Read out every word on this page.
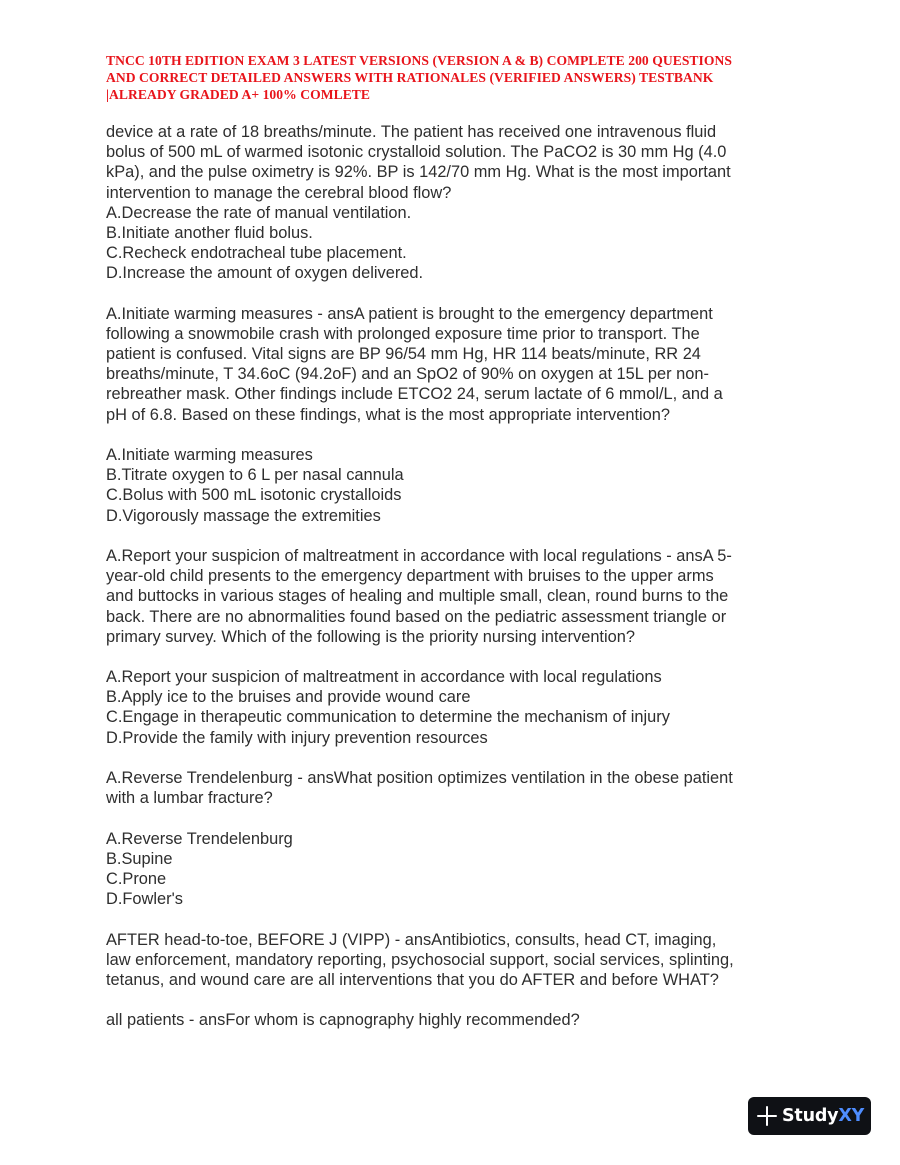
TNCC 10TH EDITION EXAM 3 LATEST VERSIONS (VERSION A & B) COMPLETE 200 QUESTIONS
AND CORRECT DETAILED ANSWERS WITH RATIONALES (VERIFIED ANSWERS) TESTBANK
|ALREADY GRADED A+ 100% COMLETE
device at a rate of 18 breaths/minute. The patient has received one intravenous fluid
bolus of 500 mL of warmed isotonic crystalloid solution. The PaCO2 is 30 mm Hg (4.0
kPa), and the pulse oximetry is 92%. BP is 142/70 mm Hg. What is the most important
intervention to manage the cerebral blood flow?
A.Decrease the rate of manual ventilation.
B.Initiate another fluid bolus.
C.Recheck endotracheal tube placement.
D.Increase the amount of oxygen delivered.
A.Initiate warming measures - ansA patient is brought to the emergency department
following a snowmobile crash with prolonged exposure time prior to transport. The
patient is confused. Vital signs are BP 96/54 mm Hg, HR 114 beats/minute, RR 24
breaths/minute, T 34.6oC (94.2oF) and an SpO2 of 90% on oxygen at 15L per non-
rebreather mask. Other findings include ETCO2 24, serum lactate of 6 mmol/L, and a
pH of 6.8. Based on these findings, what is the most appropriate intervention?
A.Initiate warming measures
B.Titrate oxygen to 6 L per nasal cannula
C.Bolus with 500 mL isotonic crystalloids
D.Vigorously massage the extremities
A.Report your suspicion of maltreatment in accordance with local regulations - ansA 5-
year-old child presents to the emergency department with bruises to the upper arms
and buttocks in various stages of healing and multiple small, clean, round burns to the
back. There are no abnormalities found based on the pediatric assessment triangle or
primary survey. Which of the following is the priority nursing intervention?
A.Report your suspicion of maltreatment in accordance with local regulations
B.Apply ice to the bruises and provide wound care
C.Engage in therapeutic communication to determine the mechanism of injury
D.Provide the family with injury prevention resources
A.Reverse Trendelenburg - ansWhat position optimizes ventilation in the obese patient
with a lumbar fracture?
A.Reverse Trendelenburg
B.Supine
C.Prone
D.Fowler's
AFTER head-to-toe, BEFORE J (VIPP) - ansAntibiotics, consults, head CT, imaging,
law enforcement, mandatory reporting, psychosocial support, social services, splinting,
tetanus, and wound care are all interventions that you do AFTER and before WHAT?
all patients - ansFor whom is capnography highly recommended?
StudyXY
